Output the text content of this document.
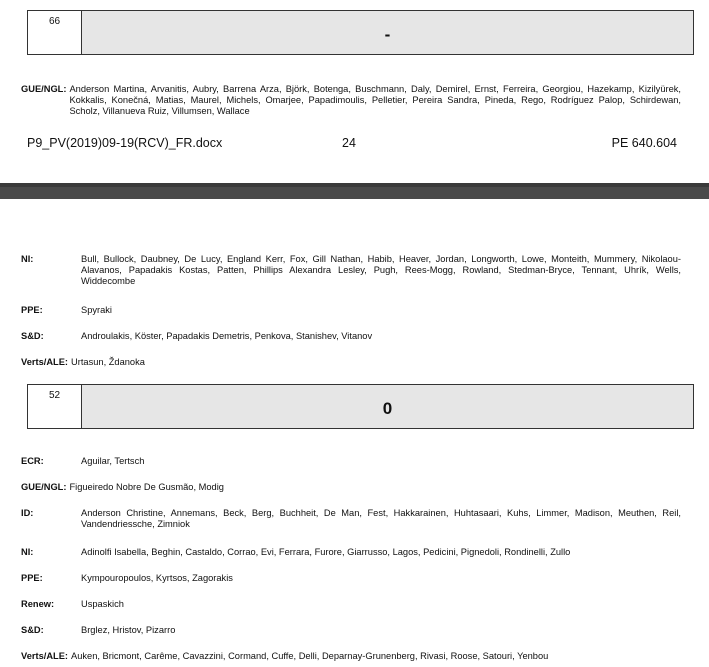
66
-
GUE/NGL: Anderson Martina, Arvanitis, Aubry, Barrena Arza, Björk, Botenga, Buschmann, Daly, Demirel, Ernst, Ferreira, Georgiou, Hazekamp, Kizilyürek, Kokkalis, Konečná, Matias, Maurel, Michels, Omarjee, Papadimoulis, Pelletier, Pereira Sandra, Pineda, Rego, Rodríguez Palop, Schirdewan, Scholz, Villanueva Ruiz, Villumsen, Wallace
P9_PV(2019)09-19(RCV)_FR.docx	24	PE 640.604
NI:	Bull, Bullock, Daubney, De Lucy, England Kerr, Fox, Gill Nathan, Habib, Heaver, Jordan, Longworth, Lowe, Monteith, Mummery, Nikolaou-Alavanos, Papadakis Kostas, Patten, Phillips Alexandra Lesley, Pugh, Rees-Mogg, Rowland, Stedman-Bryce, Tennant, Uhrík, Wells, Widdecombe
PPE:	Spyraki
S&D:	Androulakis, Köster, Papadakis Demetris, Penkova, Stanishev, Vitanov
Verts/ALE: Urtasun, Ždanoka
52
0
ECR:	Aguilar, Tertsch
GUE/NGL: Figueiredo Nobre De Gusmão, Modig
ID:	Anderson Christine, Annemans, Beck, Berg, Buchheit, De Man, Fest, Hakkarainen, Huhtasaari, Kuhs, Limmer, Madison, Meuthen, Reil, Vandendriessche, Zimniok
NI:	Adinolfi Isabella, Beghin, Castaldo, Corrao, Evi, Ferrara, Furore, Giarrusso, Lagos, Pedicini, Pignedoli, Rondinelli, Zullo
PPE:	Kympouropoulos, Kyrtsos, Zagorakis
Renew:	Uspaskich
S&D:	Brglez, Hristov, Pizarro
Verts/ALE: Auken, Bricmont, Carême, Cavazzini, Cormand, Cuffe, Delli, Deparnay-Grunenberg, Rivasi, Roose, Satouri, Yenbou
